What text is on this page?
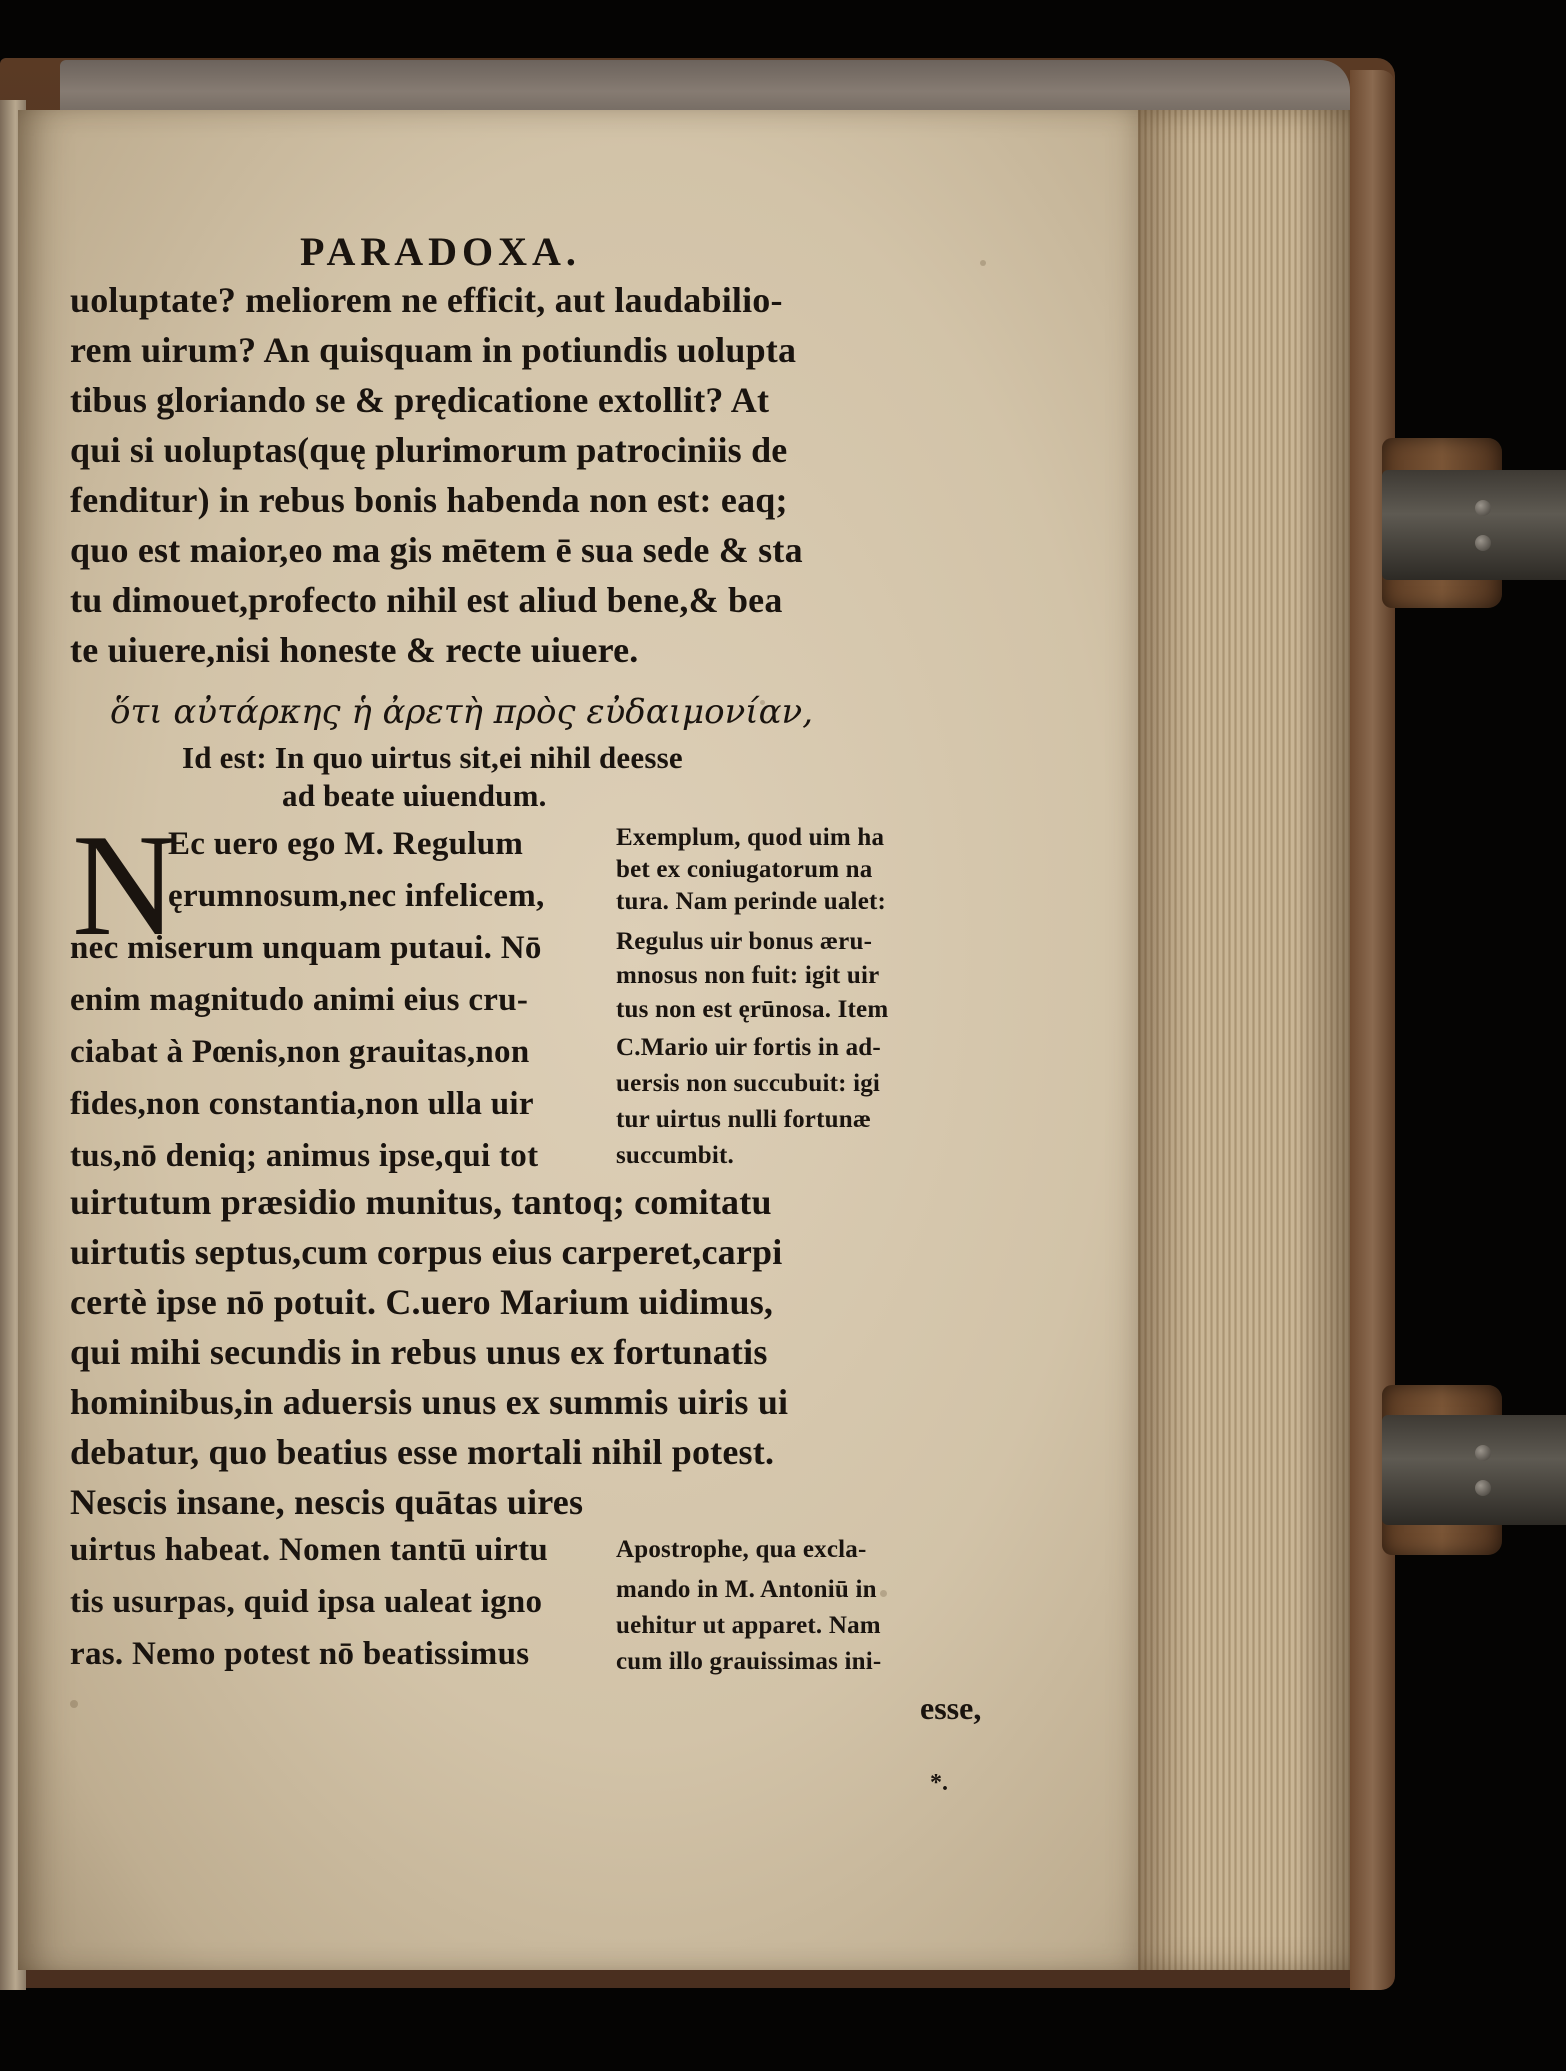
PARADOXA.
uoluptate? meliorem ne efficit, aut laudabilio-
rem uirum? An quisquam in potiundis uolupta
tibus gloriando se & prędicatione extollit? At
qui si uoluptas(quę plurimorum patrociniis de
fenditur) in rebus bonis habenda non est: eaq;
quo est maior,eo ma gis mētem ē sua sede & sta
tu dimouet,profecto nihil est aliud bene,& bea
te uiuere,nisi honeste & recte uiuere.
ὅτι αὐτάρκης ἡ ἀρετὴ πρὸς εὐδαιμονίαν,
Id est: In quo uirtus sit,ei nihil deesse
ad beate uiuendum.
N
Ec uero ego M. Regulum
ęrumnosum,nec infelicem,
nec miserum unquam putaui. Nō
enim magnitudo animi eius cru-
ciabat à Pœnis,non grauitas,non
fides,non constantia,non ulla uir
tus,nō deniq; animus ipse,qui tot
Exemplum, quod uim ha
bet ex coniugatorum na
tura. Nam perinde ualet:
Regulus uir bonus æru-
mnosus non fuit: igit uir
tus non est ęrūnosa. Item
C.Mario uir fortis in ad-
uersis non succubuit: igi
tur uirtus nulli fortunæ
succumbit.
uirtutum præsidio munitus, tantoq; comitatu
uirtutis septus,cum corpus eius carperet,carpi
certè ipse nō potuit. C.uero Marium uidimus,
qui mihi secundis in rebus unus ex fortunatis
hominibus,in aduersis unus ex summis uiris ui
debatur, quo beatius esse mortali nihil potest.
Nescis insane, nescis quātas uires
uirtus habeat. Nomen tantū uirtu
tis usurpas, quid ipsa ualeat igno
ras. Nemo potest nō beatissimus
Apostrophe, qua excla-
mando in M. Antoniū in
uehitur ut apparet. Nam
cum illo grauissimas ini-
esse,
*.
